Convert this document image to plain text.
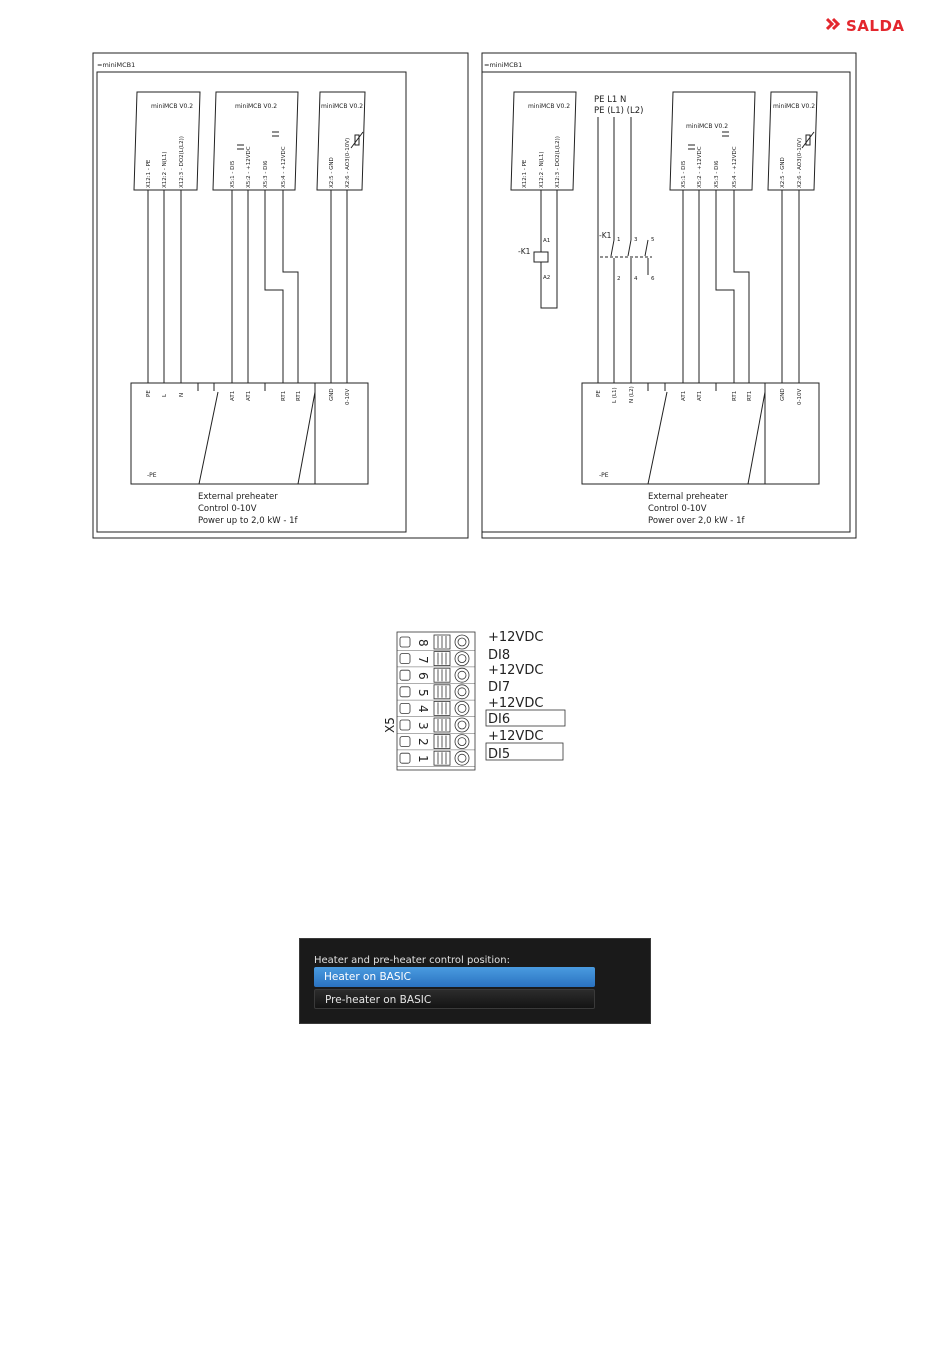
SALDA
=miniMCB1
miniMCB V0.2	miniMCB V0.2	miniMCB V0.2
X12:1 - PE X12:2 - N(L1) X12:3 - DO2(L(L2))	X5:1 - DI5 X5:2 - +12VDC X5:3 - DI6 X5:4 - +12VDC	X2:5 - GND X2:6 - AO3(0-10V)
PE L N	AT1 AT1	RT1 RT1	GND 0-10V
-PE
External preheater
Control 0-10V
Power up to 2,0 kW - 1f
=miniMCB1
PE L1 N
PE (L1) (L2)
miniMCB V0.2
miniMCB V0.2
miniMCB V0.2
X12:1 - PE X12:2 - N(L1) X12:3 - DO2(L(L2))	X5:1 - DI5 X5:2 - +12VDC X5:3 - DI6 X5:4 - +12VDC	X2:5 - GND X2:6 - AO3(0-10V)
-K1
A1
A2
-K1 1 3 5
2 4 6
PE L (L1) N (L2)	AT1 AT1	RT1 RT1	GND 0-10V
-PE
External preheater
Control 0-10V
Power over 2,0 kW - 1f
X5
8
7
6
5
4
3
2
1
+12VDC
DI8
+12VDC
DI7
+12VDC
DI6
+12VDC
DI5
Heater and pre-heater control position:
Heater on BASIC
Pre-heater on BASIC
